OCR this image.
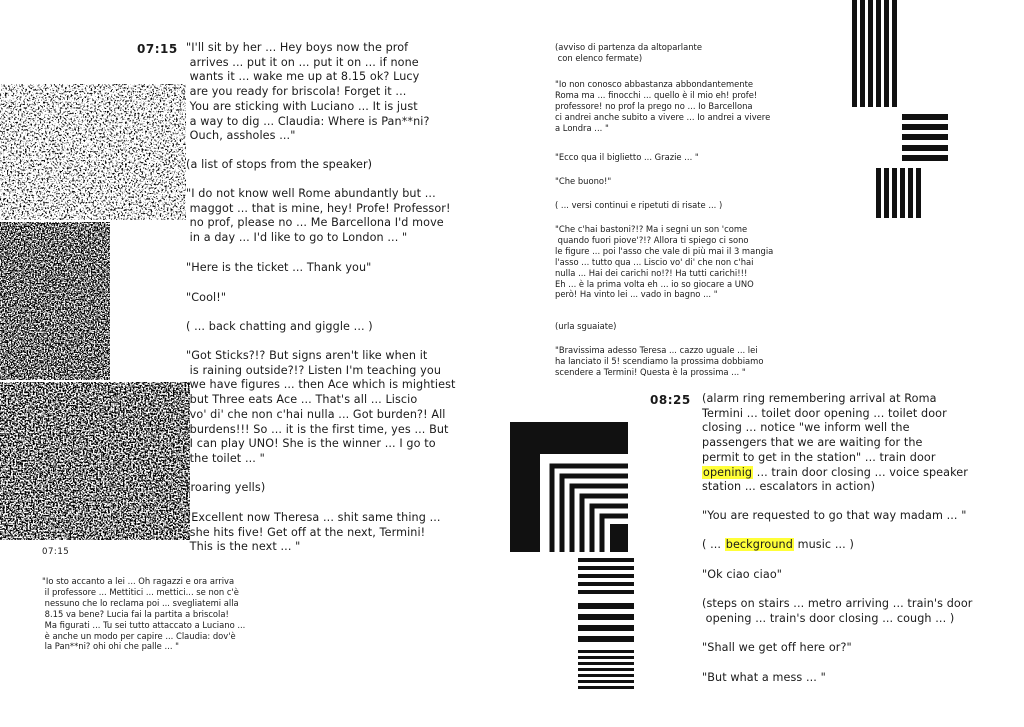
07:15 "I'll sit by her ... Hey boys now the prof
arrives ... put it on ... put it on ... if none
wants it ... wake me up at 8.15 ok? Lucy
are you ready for briscola! Forget it ...
You are sticking with Luciano ... It is just
a way to dig ... Claudia: Where is Pan**ni?
Ouch, assholes ..."
(a list of stops from the speaker)
"I do not know well Rome abundantly but ...
maggot ... that is mine, hey! Profe! Professor!
no prof, please no ... Me Barcellona I'd move
in a day ... I'd like to go to London ... "
"Here is the ticket ... Thank you"
"Cool!"
( ... back chatting and giggle ... )
"Got Sticks?!? But signs aren't like when it
is raining outside?!? Listen I'm teaching you
we have figures ... then Ace which is mightiest
but Three eats Ace ... That's all ... Liscio
vo' di' che non c'hai nulla ... Got burden?! All
burdens!!! So ... it is the first time, yes ... But
I can play UNO! She is the winner ... I go to
the toilet ... "
(roaring yells)
"Excellent now Theresa ... shit same thing ...
she hits five! Get off at the next, Termini!
This is the next ... "
07:15
"Io sto accanto a lei ... Oh ragazzi e ora arriva
il professore ... Mettitici ... mettici... se non c'è
nessuno che lo reclama poi ... svegliatemi alla
8.15 va bene? Lucia fai la partita a briscola!
Ma figurati ... Tu sei tutto attaccato a Luciano ...
è anche un modo per capire ... Claudia: dov'è
la Pan**ni? ohi ohi che palle ... "
(avviso di partenza da altoparlante
con elenco fermate)
"Io non conosco abbastanza abbondantemente
Roma ma ... finocchi ... quello è il mio eh! profe!
professore! no prof la prego no ... Io Barcellona
ci andrei anche subito a vivere ... Io andrei a vivere
a Londra ... "
"Ecco qua il biglietto ... Grazie ... "
"Che buono!"
( ... versi continui e ripetuti di risate ... )
"Che c'hai bastoni?!? Ma i segni un son 'come
quando fuori piove'?!? Allora ti spiego ci sono
le figure ... poi l'asso che vale di più mai il 3 mangia
l'asso ... tutto qua ... Liscio vo' di' che non c'hai
nulla ... Hai dei carichi no!?! Ha tutti carichi!!!
Eh ... è la prima volta eh ... io so giocare a UNO
però! Ha vinto lei ... vado in bagno ... "
(urla sguaiate)
"Bravissima adesso Teresa ... cazzo uguale ... lei
ha lanciato il 5! scendiamo la prossima dobbiamo
scendere a Termini! Questa è la prossima ... "
08:25 (alarm ring remembering arrival at Roma
Termini ... toilet door opening ... toilet door
closing ... notice "we inform well the
passengers that we are waiting for the
permit to get in the station" ... train door
openinig ... train door closing ... voice speaker
station ... escalators in action)
"You are requested to go that way madam ... "
( ... beckground music ... )
"Ok ciao ciao"
(steps on stairs ... metro arriving ... train's door
opening ... train's door closing ... cough ... )
"Shall we get off here or?"
"But what a mess ... "
